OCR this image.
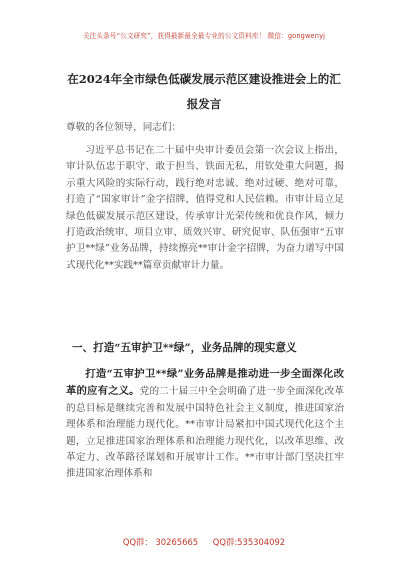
关注头条号“公文研究”，获得最新最全最专业的公文资料库！ 微信：gongwenyj
在2024年全市绿色低碳发展示范区建设推进会上的汇报发言
尊敬的各位领导，同志们：
习近平总书记在二十届中央审计委员会第一次会议上指出，审计队伍忠于职守、敢于担当、铁面无私，用钦处重大问题，揭示重大风险的实际行动，践行绝对忠诚、绝对过硬、绝对可靠，打造了“国家审计”金字招牌，值得党和人民信赖。市审计局立足绿色低碳发展示范区建设，传承审计光荣传统和优良作风，倾力打造政治统审、项目立审、质效兴审、研究促审、队伍强审“五审护卫**绿”业务品牌，持续擦亮**审计金字招牌，为奋力谱写中国式现代化**实践**篇章贡献审计力量。
一、打造“五审护卫**绿”，业务品牌的现实意义
打造“五审护卫**绿”业务品牌是推动进一步全面深化改革的应有之义。党的二十届三中全会明确了进一步全面深化改革的总目标是继续完善和发展中国特色社会主义制度，推进国家治理体系和治理能力现代化。**市审计局紧扣中国式现代化这个主题，立足推进国家治理体系和治理能力现代化，以改革思维、改革定力、改革路径谋划和开展审计工作。**市审计部门坚决扛牢推进国家治理体系和
QQ群： 30265665 QQ群:535304092
